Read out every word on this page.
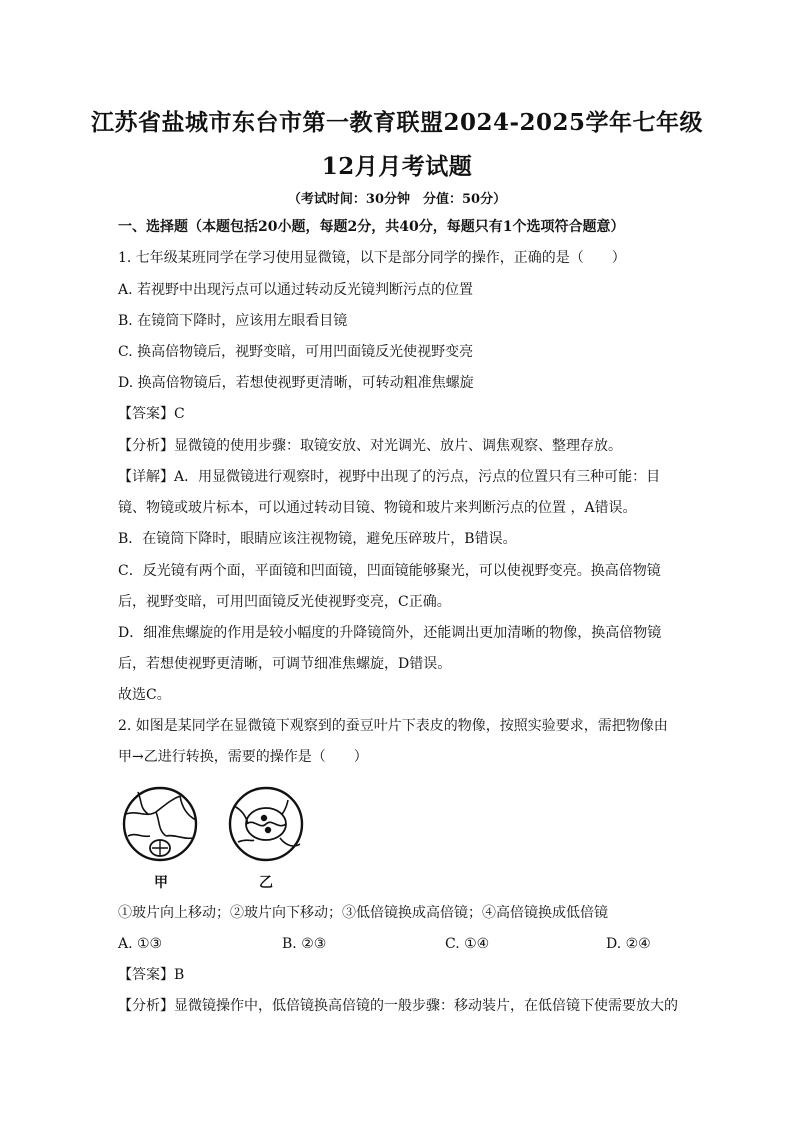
江苏省盐城市东台市第一教育联盟2024-2025学年七年级
12月月考试题
（考试时间：30分钟　分值：50分）
一、选择题（本题包括20小题，每题2分，共40分，每题只有1个选项符合题意）
1. 七年级某班同学在学习使用显微镜，以下是部分同学的操作，正确的是（　　）
A. 若视野中出现污点可以通过转动反光镜判断污点的位置
B. 在镜筒下降时，应该用左眼看目镜
C. 换高倍物镜后，视野变暗，可用凹面镜反光使视野变亮
D. 换高倍物镜后，若想使视野更清晰，可转动粗准焦螺旋
【答案】C
【分析】显微镜的使用步骤：取镜安放、对光调光、放片、调焦观察、整理存放。
【详解】A．用显微镜进行观察时，视野中出现了的污点，污点的位置只有三种可能：目
镜、物镜或玻片标本，可以通过转动目镜、物镜和玻片来判断污点的位置 ，A错误。
B．在镜筒下降时，眼睛应该注视物镜，避免压碎玻片，B错误。
C．反光镜有两个面，平面镜和凹面镜，凹面镜能够聚光，可以使视野变亮。换高倍物镜
后，视野变暗，可用凹面镜反光使视野变亮，C正确。
D．细准焦螺旋的作用是较小幅度的升降镜筒外，还能调出更加清晰的物像，换高倍物镜
后，若想使视野更清晰，可调节细准焦螺旋，D错误。
故选C。
2. 如图是某同学在显微镜下观察到的蚕豆叶片下表皮的物像，按照实验要求，需把物像由
甲→乙进行转换，需要的操作是（　　）
甲	乙
①玻片向上移动；②玻片向下移动；③低倍镜换成高倍镜；④高倍镜换成低倍镜
A. ①③	B. ②③	C. ①④	D. ②④
【答案】B
【分析】显微镜操作中，低倍镜换高倍镜的一般步骤：移动装片，在低倍镜下使需要放大的
